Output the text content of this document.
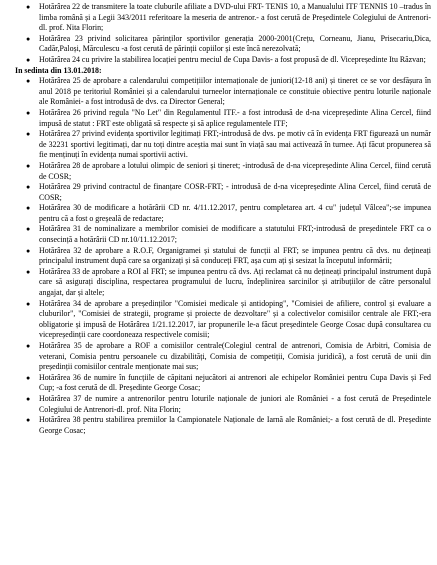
● Hotărârea 22 de transmitere la toate cluburile afiliate a DVD-ului FRT- TENIS 10, a Manualului ITF TENNIS 10 –tradus în limba română și a Legii 343/2011 referitoare la meseria de antrenor.- a fost cerută de Președintele Colegiului de Antrenori-dl. prof. Nita Florin;
● Hotărârea 23 privind solicitarea părinților sportivilor generația 2000-2001(Crețu, Corneanu, Jianu, Prisecariu,Dica, Cadăr,Paloși, Mărculescu -a fost cerută de părinții copiilor și este încă nerezolvată;
● Hotărârea 24 cu privire la stabilirea locației pentru meciul de Cupa Davis- a fost propusă de dl. Vicepreședinte Itu Răzvan;

In sedinta din 13.01.2018:

● Hotărârea 25 de aprobare a calendarului competițiilor internaționale de juniori(12-18 ani) și tineret ce se vor desfășura în anul 2018 pe teritoriul României și a calendarului turneelor internaționale ce constituie obiective pentru loturile naționale ale României- a fost introdusă de dvs. ca Director General;
● Hotărârea 26 privind regula "No Let" din Regulamentul ITF.- a fost introdusă de d-na vicepreședinte Alina Cercel, fiind impusă de statut : FRT este obligată să respecte și să aplice regulamentele ITF;
● Hotărârea 27 privind evidența sportivilor legitimați FRT;-introdusă de dvs. pe motiv că în evidența FRT figurează un număr de 32231 sportivi legitimați, dar nu toți dintre aceștia mai sunt în viață sau mai activează în turnee. Ați făcut propunerea să fie menținuți în evidența numai sportivii activi.
● Hotărârea 28 de aprobare a lotului olimpic de seniori și tineret; -introdusă de d-na vicepreședinte Alina Cercel, fiind cerută de COSR;
● Hotărârea 29 privind contractul de finanțare COSR-FRT; - introdusă de d-na vicepreședinte Alina Cercel, fiind cerută de COSR;
● Hotărârea 30 de modificare a hotărârii CD nr. 4/11.12.2017, pentru completarea art. 4 cu" județul Vâlcea";-se impunea pentru că a fost o greșeală de redactare;
● Hotărârea 31 de nominalizare a membrilor comisiei de modificare a statutului FRT;-introdusă de președintele FRT ca o consecință a hotărârii CD nr.10/11.12.2017;
● Hotărârea 32 de aprobare a R.O.F, Organigramei și statului de funcții al FRT; se impunea pentru că dvs. nu dețineați principalul instrument după care sa organizați și să conduceți FRT, așa cum ați și sesizat la începutul informării;
● Hotărârea 33 de aprobare a ROI al FRT; se impunea pentru că dvs. Ați reclamat că nu dețineați principalul instrument după care să asigurați disciplina, respectarea programului de lucru, îndeplinirea sarcinilor și atribuțiilor de către personalul angajat, dar și altele;
● Hotărârea 34 de aprobare a președinților "Comisiei medicale și antidoping", "Comisiei de afiliere, control și evaluare a cluburilor", "Comisiei de strategii, programe și proiecte de dezvoltare" și a colectivelor comisiilor centrale ale FRT;-era obligatorie și impusă de Hotărârea 1/21.12.2017, iar propunerile le-a făcut președintele George Cosac după consultarea cu vicepreședinții care coordoneaza respectivele comisii;
● Hotărârea 35 de aprobare a ROF a comisiilor centrale(Colegiul central de antrenori, Comisia de Arbitri, Comisia de veterani, Comisia pentru persoanele cu dizabilități, Comisia de competiții, Comisia juridică), a fost cerută de unii din președinții comisiilor centrale menționate mai sus;
● Hotărârea 36 de numire în funcțiile de căpitani nejucători ai antrenori ale echipelor României pentru Cupa Davis și Fed Cup; -a fost cerută de dl. Președinte George Cosac;
● Hotărârea 37 de numire a antrenorilor pentru loturile naționale de juniori ale României - a fost cerută de Președintele Colegiului de Antrenori-dl. prof. Nita Florin;
● Hotărârea 38 pentru stabilirea premiilor la Campionatele Naționale de Iarnă ale României;- a fost cerută de dl. Președinte George Cosac;
